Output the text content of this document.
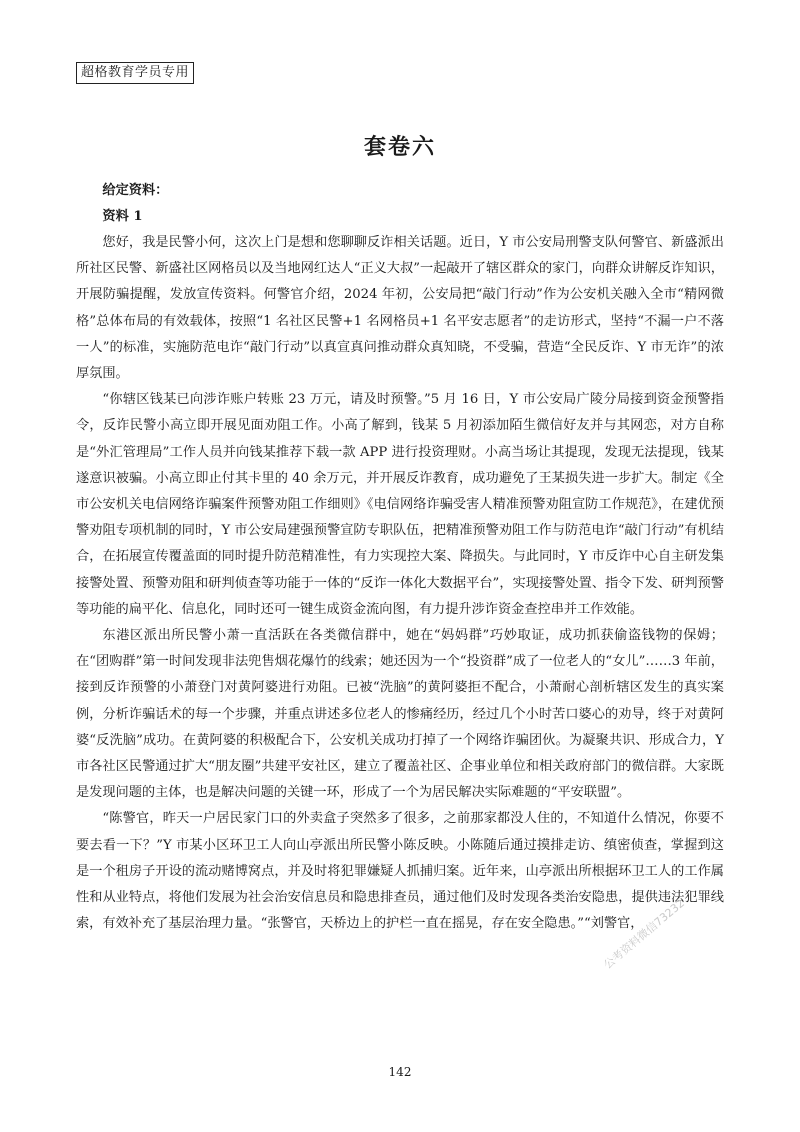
超格教育学员专用
套卷六

给定资料：

资料 1

您好，我是民警小何，这次上门是想和您聊聊反诈相关话题。近日，Y 市公安局刑警支队何警官、新盛派出所社区民警、新盛社区网格员以及当地网红达人“正义大叔”一起敲开了辖区群众的家门，向群众讲解反诈知识，开展防骗提醒，发放宣传资料。何警官介绍，2024 年初，公安局把“敲门行动”作为公安机关融入全市“精网微格”总体布局的有效载体，按照“1 名社区民警+1 名网格员+1 名平安志愿者”的走访形式，坚持“不漏一户不落一人”的标准，实施防范电诈“敲门行动”以真宣真问推动群众真知晓，不受骗，营造“全民反诈、Y 市无诈”的浓厚氛围。

“你辖区钱某已向涉诈账户转账 23 万元，请及时预警。”5 月 16 日，Y 市公安局广陵分局接到资金预警指令，反诈民警小高立即开展见面劝阻工作。小高了解到，钱某 5 月初添加陌生微信好友并与其网恋，对方自称是“外汇管理局”工作人员并向钱某推荐下载一款 APP 进行投资理财。小高当场让其提现，发现无法提现，钱某遂意识被骗。小高立即止付其卡里的 40 余万元，并开展反诈教育，成功避免了王某损失进一步扩大。制定《全市公安机关电信网络诈骗案件预警劝阻工作细则》《电信网络诈骗受害人精准预警劝阻宣防工作规范》，在建优预警劝阻专项机制的同时，Y 市公安局建强预警宣防专职队伍，把精准预警劝阻工作与防范电诈“敲门行动”有机结合，在拓展宣传覆盖面的同时提升防范精准性，有力实现控大案、降损失。与此同时，Y 市反诈中心自主研发集接警处置、预警劝阻和研判侦查等功能于一体的“反诈一体化大数据平台”，实现接警处置、指令下发、研判预警等功能的扁平化、信息化，同时还可一键生成资金流向图，有力提升涉诈资金查控串并工作效能。

东港区派出所民警小萧一直活跃在各类微信群中，她在“妈妈群”巧妙取证，成功抓获偷盗钱物的保姆；在“团购群”第一时间发现非法兜售烟花爆竹的线索；她还因为一个“投资群”成了一位老人的“女儿”……3 年前，接到反诈预警的小萧登门对黄阿婆进行劝阻。已被“洗脑”的黄阿婆拒不配合，小萧耐心剖析辖区发生的真实案例，分析诈骗话术的每一个步骤，并重点讲述多位老人的惨痛经历，经过几个小时苦口婆心的劝导，终于对黄阿婆“反洗脑”成功。在黄阿婆的积极配合下，公安机关成功打掉了一个网络诈骗团伙。为凝聚共识、形成合力，Y 市各社区民警通过扩大“朋友圈”共建平安社区，建立了覆盖社区、企事业单位和相关政府部门的微信群。大家既是发现问题的主体，也是解决问题的关键一环，形成了一个为居民解决实际难题的“平安联盟”。

“陈警官，昨天一户居民家门口的外卖盒子突然多了很多，之前那家都没人住的，不知道什么情况，你要不要去看一下？”Y 市某小区环卫工人向山亭派出所民警小陈反映。小陈随后通过摸排走访、缜密侦查，掌握到这是一个租房子开设的流动赌博窝点，并及时将犯罪嫌疑人抓捕归案。近年来，山亭派出所根据环卫工人的工作属性和从业特点，将他们发展为社会治安信息员和隐患排查员，通过他们及时发现各类治安隐患，提供违法犯罪线索，有效补充了基层治理力量。“张警官，天桥边上的护栏一直在摇晃，存在安全隐患。”“刘警官，

公考资料微信73232
142
